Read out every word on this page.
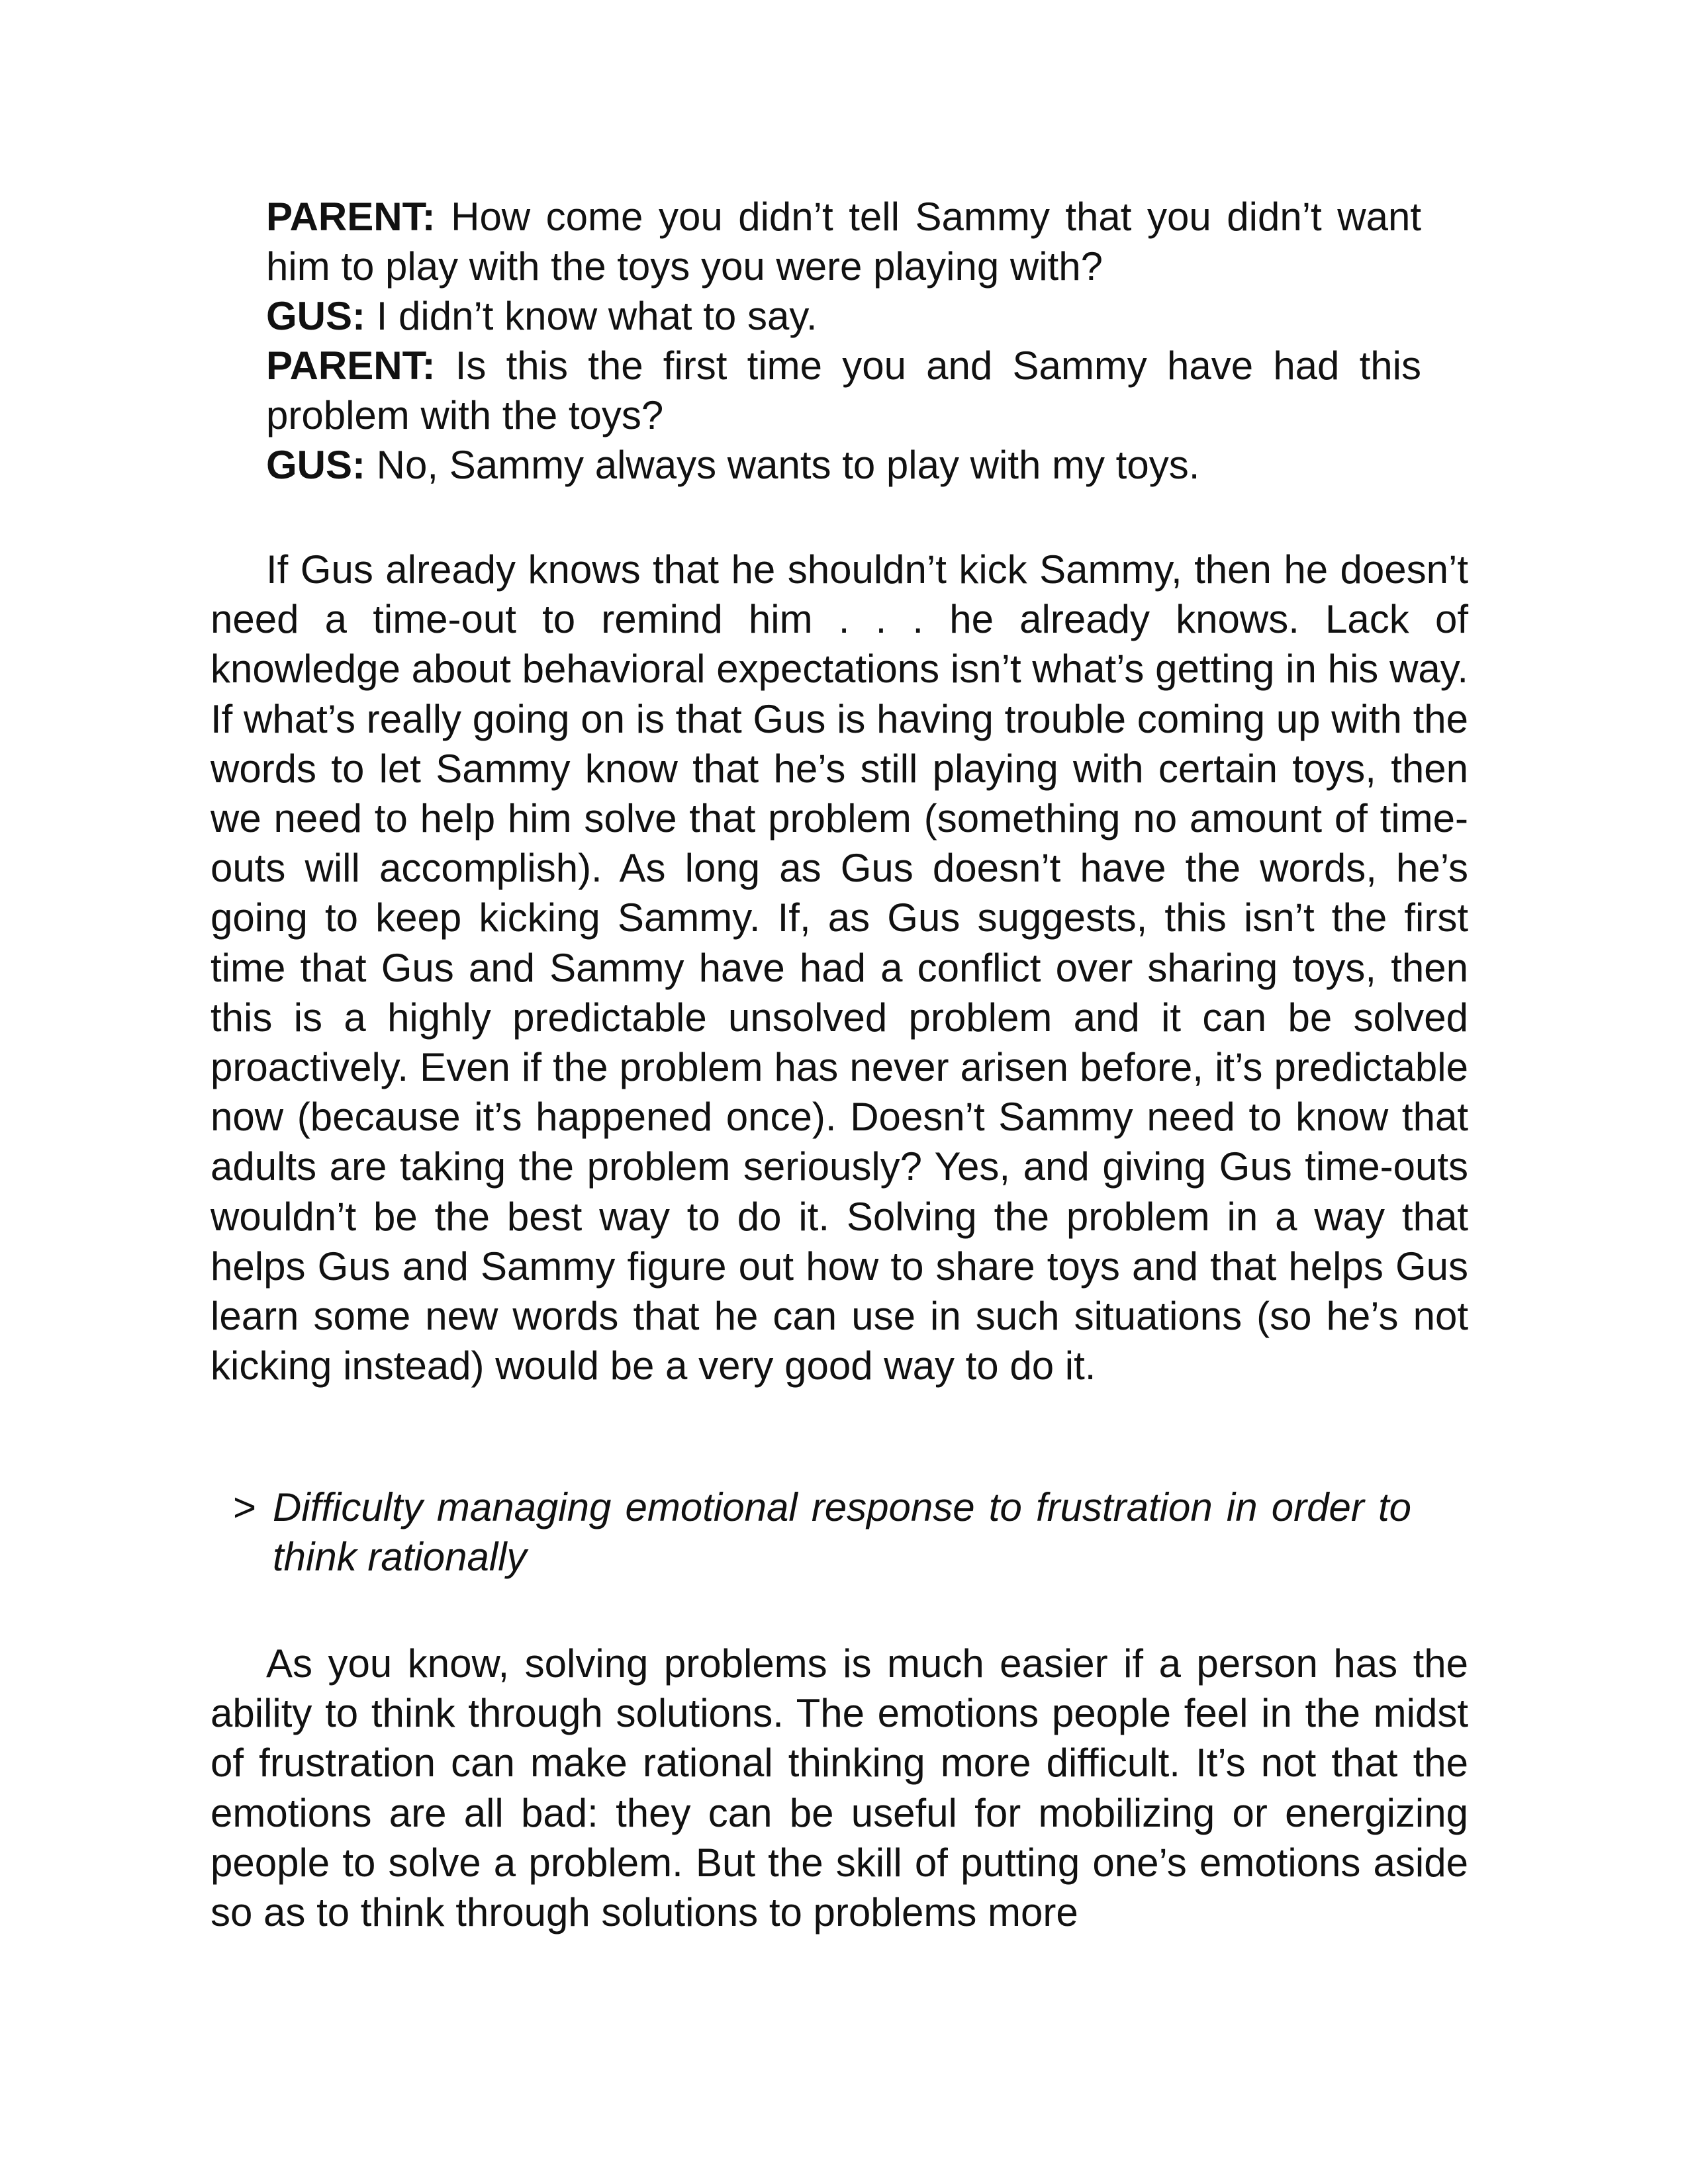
PARENT: How come you didn’t tell Sammy that you didn’t want him to play with the toys you were playing with?

GUS: I didn’t know what to say.

PARENT: Is this the first time you and Sammy have had this problem with the toys?

GUS: No, Sammy always wants to play with my toys.

If Gus already knows that he shouldn’t kick Sammy, then he doesn’t need a time-out to remind him . . . he already knows. Lack of knowledge about behavioral expectations isn’t what’s getting in his way. If what’s really going on is that Gus is having trouble coming up with the words to let Sammy know that he’s still playing with certain toys, then we need to help him solve that problem (something no amount of time-outs will accomplish). As long as Gus doesn’t have the words, he’s going to keep kicking Sammy. If, as Gus suggests, this isn’t the first time that Gus and Sammy have had a conflict over sharing toys, then this is a highly predictable unsolved problem and it can be solved proactively. Even if the problem has never arisen before, it’s predictable now (because it’s happened once). Doesn’t Sammy need to know that adults are taking the problem seriously? Yes, and giving Gus time-outs wouldn’t be the best way to do it. Solving the problem in a way that helps Gus and Sammy figure out how to share toys and that helps Gus learn some new words that he can use in such situations (so he’s not kicking instead) would be a very good way to do it.

> Difficulty managing emotional response to frustration in order to think rationally

As you know, solving problems is much easier if a person has the ability to think through solutions. The emotions people feel in the midst of frustration can make rational thinking more difficult. It’s not that the emotions are all bad: they can be useful for mobilizing or energizing people to solve a problem. But the skill of putting one’s emotions aside so as to think through solutions to problems more
